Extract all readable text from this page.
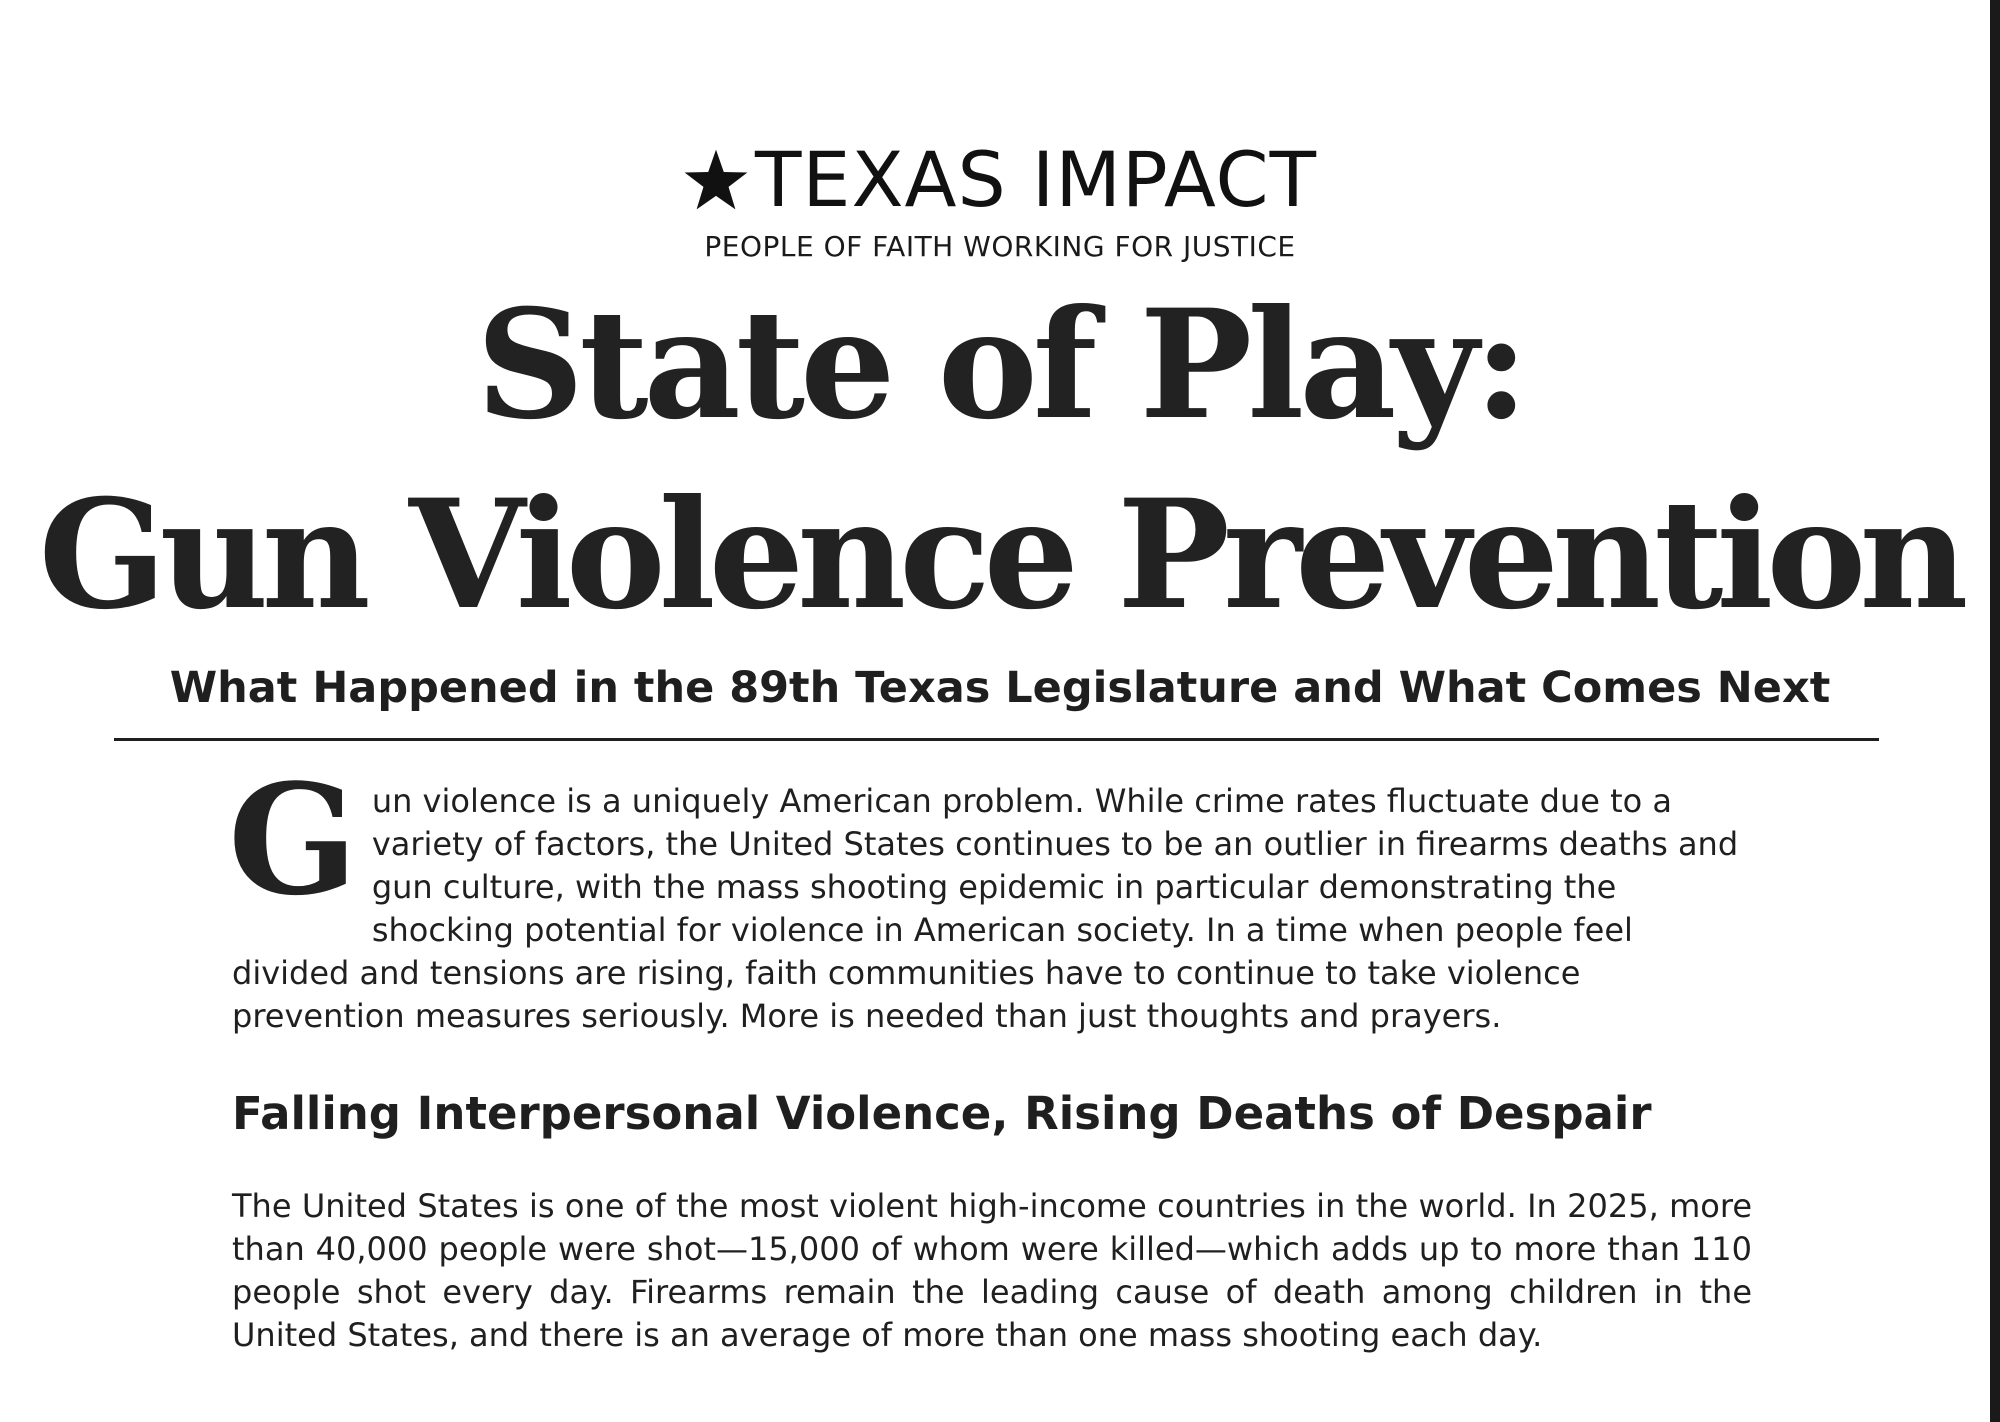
TEXAS IMPACT
PEOPLE OF FAITH WORKING FOR JUSTICE
State of Play:
Gun Violence Prevention
What Happened in the 89th Texas Legislature and What Comes Next
Gun violence is a uniquely American problem. While crime rates fluctuate due to a variety of factors, the United States continues to be an outlier in firearms deaths and gun culture, with the mass shooting epidemic in particular demonstrating the shocking potential for violence in American society. In a time when people feel divided and tensions are rising, faith communities have to continue to take violence prevention measures seriously. More is needed than just thoughts and prayers.
Falling Interpersonal Violence, Rising Deaths of Despair
The United States is one of the most violent high-income countries in the world. In 2025, more than 40,000 people were shot—15,000 of whom were killed—which adds up to more than 110 people shot every day. Firearms remain the leading cause of death among children in the United States, and there is an average of more than one mass shooting each day.
